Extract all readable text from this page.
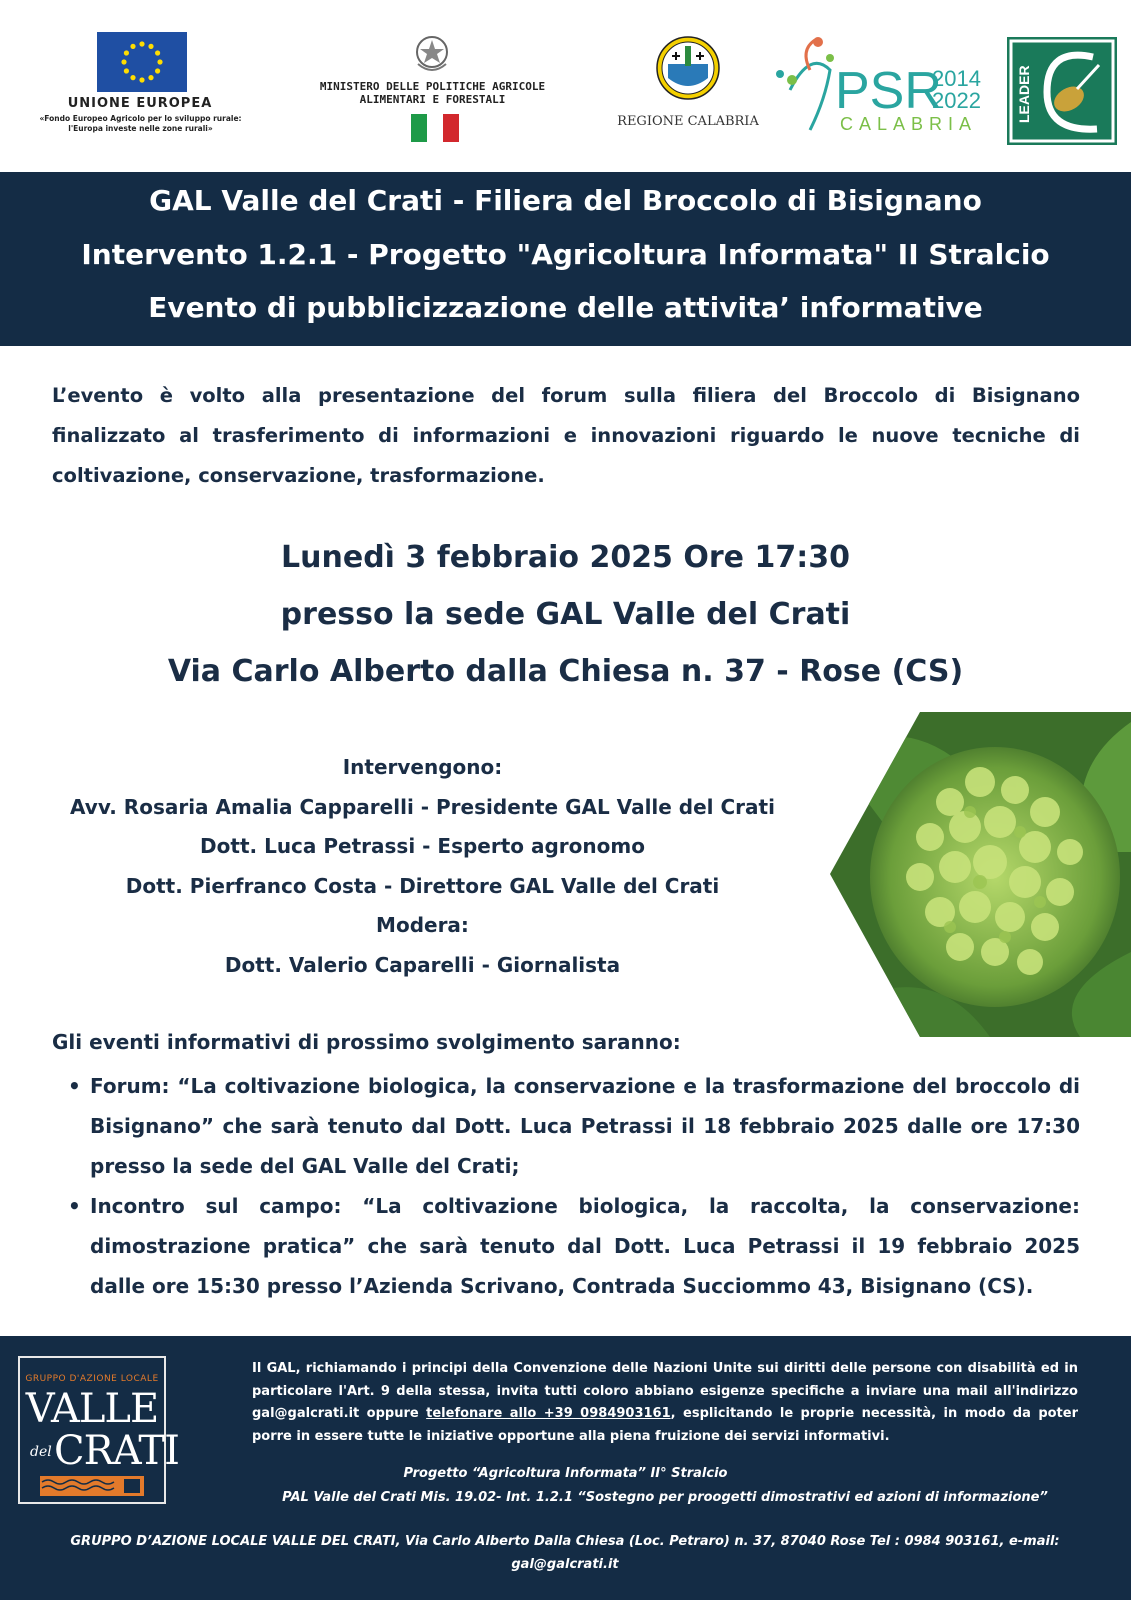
UNIONE EUROPEA
«Fondo Europeo Agricolo per lo sviluppo rurale:
l'Europa investe nelle zone rurali»
MINISTERO DELLE POLITICHE AGRICOLE
ALIMENTARI E FORESTALI
REGIONE CALABRIA
PSR
2014
2022
CALABRIA
LEADER
GAL Valle del Crati - Filiera del Broccolo di Bisignano
Intervento 1.2.1 - Progetto "Agricoltura Informata" II Stralcio
Evento di pubblicizzazione delle attivita’ informative
L’evento è volto alla presentazione del forum sulla filiera del Broccolo di Bisignano finalizzato al trasferimento di informazioni e innovazioni riguardo le nuove tecniche di coltivazione, conservazione, trasformazione.
Lunedì 3 febbraio 2025 Ore 17:30
presso la sede GAL Valle del Crati
Via Carlo Alberto dalla Chiesa n. 37 - Rose (CS)
Intervengono:
Avv. Rosaria Amalia Capparelli - Presidente GAL Valle del Crati
Dott. Luca Petrassi - Esperto agronomo
Dott. Pierfranco Costa - Direttore GAL Valle del Crati
Modera:
Dott. Valerio Caparelli - Giornalista
Gli eventi informativi di prossimo svolgimento saranno:
• Forum: “La coltivazione biologica, la conservazione e la trasformazione del broccolo di Bisignano” che sarà tenuto dal Dott. Luca Petrassi il 18 febbraio 2025 dalle ore 17:30 presso la sede del GAL Valle del Crati;
• Incontro sul campo: “La coltivazione biologica, la raccolta, la conservazione: dimostrazione pratica” che sarà tenuto dal Dott. Luca Petrassi il 19 febbraio 2025 dalle ore 15:30 presso l’Azienda Scrivano, Contrada Succiommo 43, Bisignano (CS).
GRUPPO D'AZIONE LOCALE
VALLE
del CRATI
Il GAL, richiamando i principi della Convenzione delle Nazioni Unite sui diritti delle persone con disabilità ed in particolare l'Art. 9 della stessa, invita tutti coloro abbiano esigenze specifiche a inviare una mail all'indirizzo gal@galcrati.it oppure telefonare allo +39 0984903161, esplicitando le proprie necessità, in modo da poter porre in essere tutte le iniziative opportune alla piena fruizione dei servizi informativi.
Progetto “Agricoltura Informata” II° Stralcio
PAL Valle del Crati Mis. 19.02- Int. 1.2.1 “Sostegno per proogetti dimostrativi ed azioni di informazione”
GRUPPO D’AZIONE LOCALE VALLE DEL CRATI, Via Carlo Alberto Dalla Chiesa (Loc. Petraro) n. 37, 87040 Rose Tel : 0984 903161, e-mail: gal@galcrati.it
